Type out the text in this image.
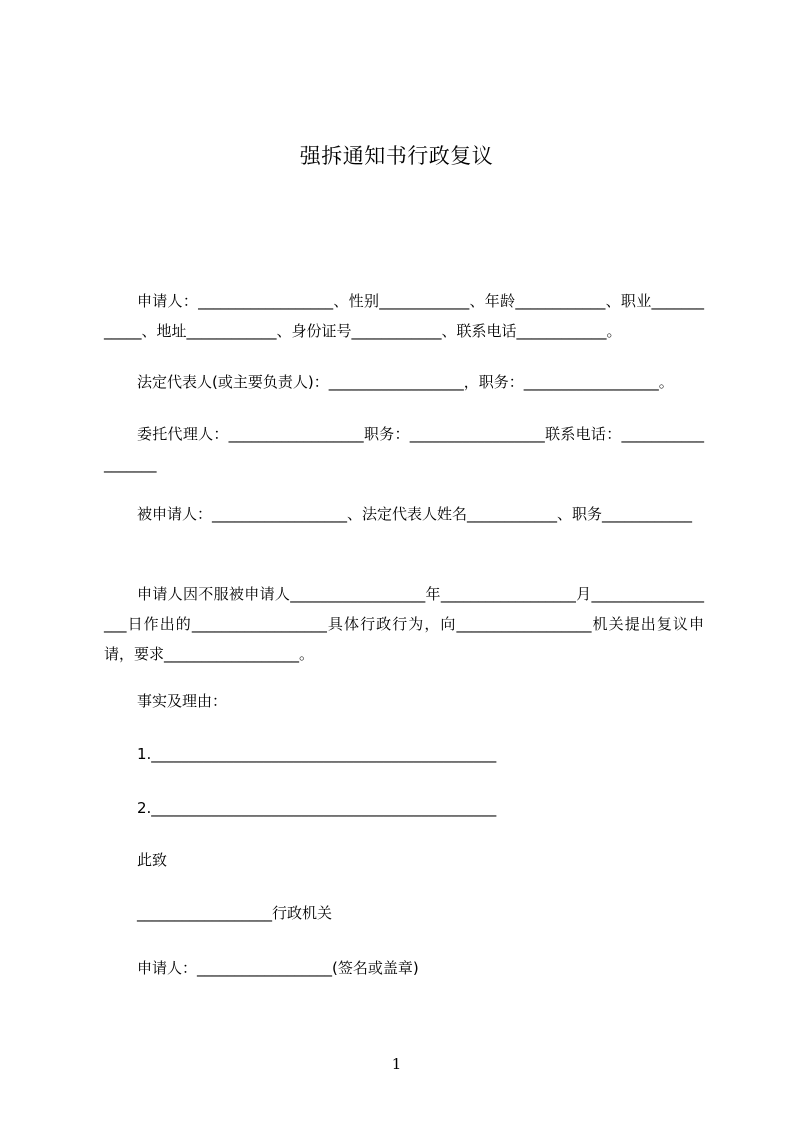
强拆通知书行政复议
申请人：__________________、性别____________、年龄____________、职业____________、地址____________、身份证号____________、联系电话____________。
法定代表人(或主要负责人)：__________________，职务：__________________。
委托代理人：__________________职务：__________________联系电话：__________________
被申请人：__________________、法定代表人姓名____________、职务____________
申请人因不服被申请人__________________年__________________月__________________日作出的__________________具体行政行为，向__________________机关提出复议申请，要求__________________。
事实及理由：
1.______________________________________________
2.______________________________________________
此致
__________________行政机关
申请人：__________________(签名或盖章)
1
